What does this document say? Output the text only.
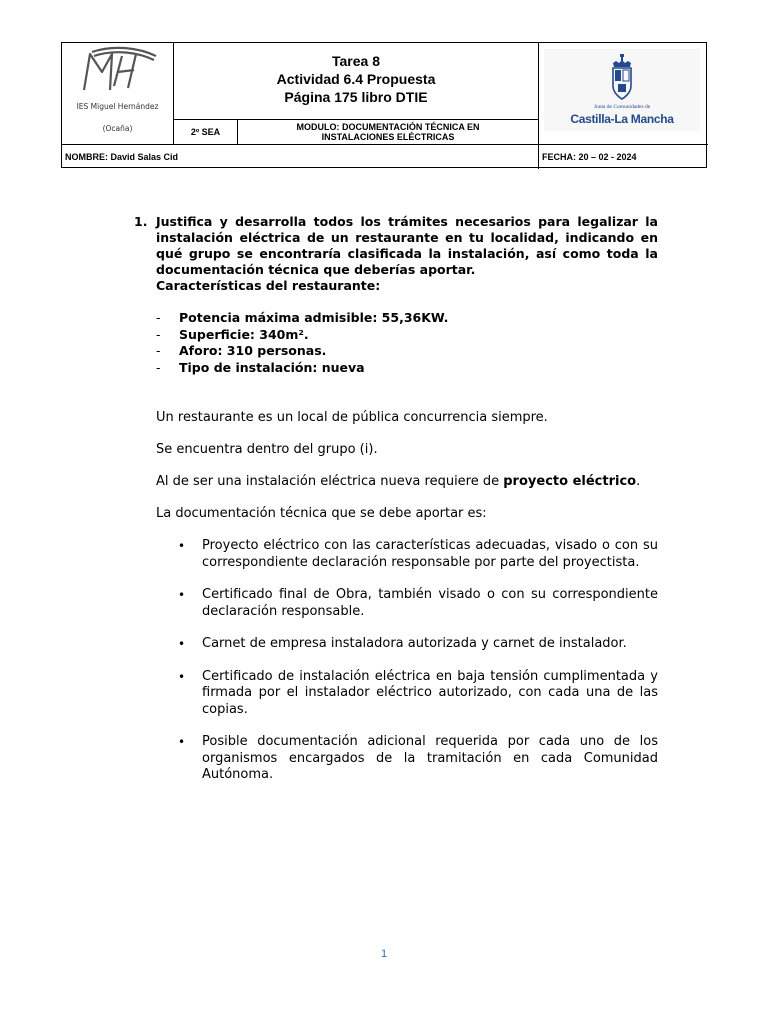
IES Miguel Hernández
(Ocaña)
Tarea 8
Actividad 6.4 Propuesta
Página 175 libro DTIE
2º SEA	MODULO: DOCUMENTACIÓN TÉCNICA EN
INSTALACIONES ELÉCTRICAS
Junta de Comunidades de
Castilla-La Mancha
NOMBRE: David Salas Cid	FECHA: 20 – 02 - 2024
1. Justifica y desarrolla todos los trámites necesarios para legalizar la instalación eléctrica de un restaurante en tu localidad, indicando en qué grupo se encontraría clasificada la instalación, así como toda la documentación técnica que deberías aportar.
Características del restaurante:
- Potencia máxima admisible: 55,36KW.
- Superficie: 340m².
- Aforo: 310 personas.
- Tipo de instalación: nueva
Un restaurante es un local de pública concurrencia siempre.
Se encuentra dentro del grupo (i).
Al de ser una instalación eléctrica nueva requiere de proyecto eléctrico.
La documentación técnica que se debe aportar es:
• Proyecto eléctrico con las características adecuadas, visado o con su correspondiente declaración responsable por parte del proyectista.
• Certificado final de Obra, también visado o con su correspondiente declaración responsable.
• Carnet de empresa instaladora autorizada y carnet de instalador.
• Certificado de instalación eléctrica en baja tensión cumplimentada y firmada por el instalador eléctrico autorizado, con cada una de las copias.
• Posible documentación adicional requerida por cada uno de los organismos encargados de la tramitación en cada Comunidad Autónoma.
1
